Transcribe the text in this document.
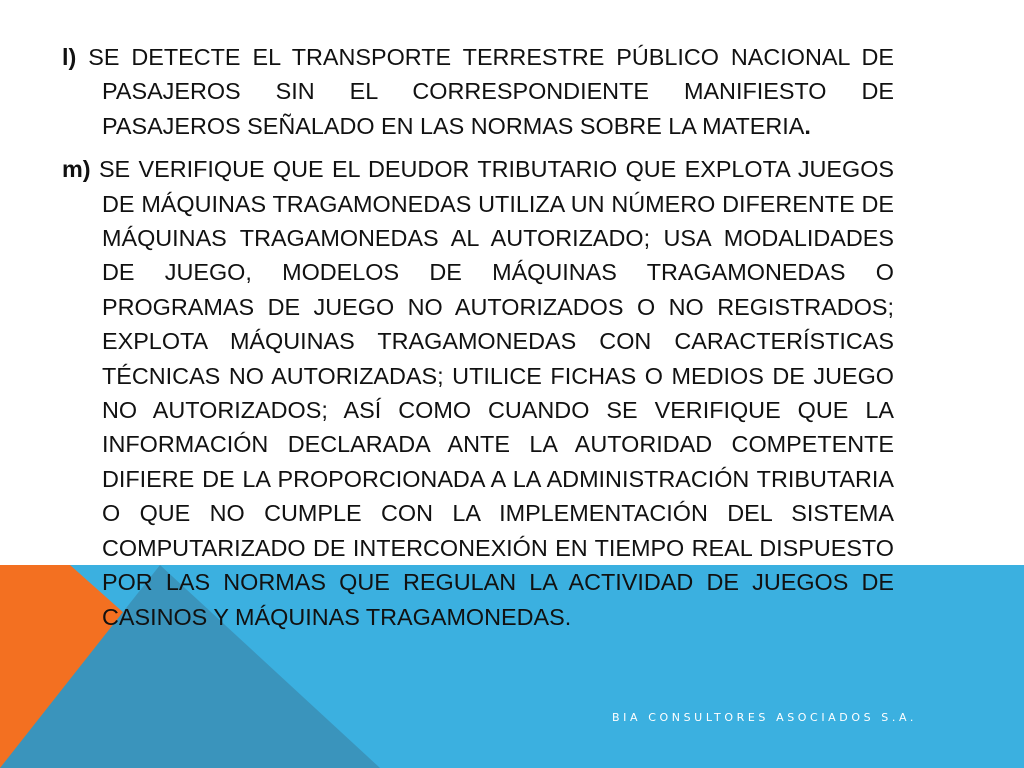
l) SE DETECTE EL TRANSPORTE TERRESTRE PÚBLICO NACIONAL DE PASAJEROS SIN EL CORRESPONDIENTE MANIFIESTO DE PASAJEROS SEÑALADO EN LAS NORMAS SOBRE LA MATERIA.

m) SE VERIFIQUE QUE EL DEUDOR TRIBUTARIO QUE EXPLOTA JUEGOS DE MÁQUINAS TRAGAMONEDAS UTILIZA UN NÚMERO DIFERENTE DE MÁQUINAS TRAGAMONEDAS AL AUTORIZADO; USA MODALIDADES DE JUEGO, MODELOS DE MÁQUINAS TRAGAMONEDAS O PROGRAMAS DE JUEGO NO AUTORIZADOS O NO REGISTRADOS; EXPLOTA MÁQUINAS TRAGAMONEDAS CON CARACTERÍSTICAS TÉCNICAS NO AUTORIZADAS; UTILICE FICHAS O MEDIOS DE JUEGO NO AUTORIZADOS; ASÍ COMO CUANDO SE VERIFIQUE QUE LA INFORMACIÓN DECLARADA ANTE LA AUTORIDAD COMPETENTE DIFIERE DE LA PROPORCIONADA A LA ADMINISTRACIÓN TRIBUTARIA O QUE NO CUMPLE CON LA IMPLEMENTACIÓN DEL SISTEMA COMPUTARIZADO DE INTERCONEXIÓN EN TIEMPO REAL DISPUESTO POR LAS NORMAS QUE REGULAN LA ACTIVIDAD DE JUEGOS DE CASINOS Y MÁQUINAS TRAGAMONEDAS.

BIA CONSULTORES ASOCIADOS S.A.
